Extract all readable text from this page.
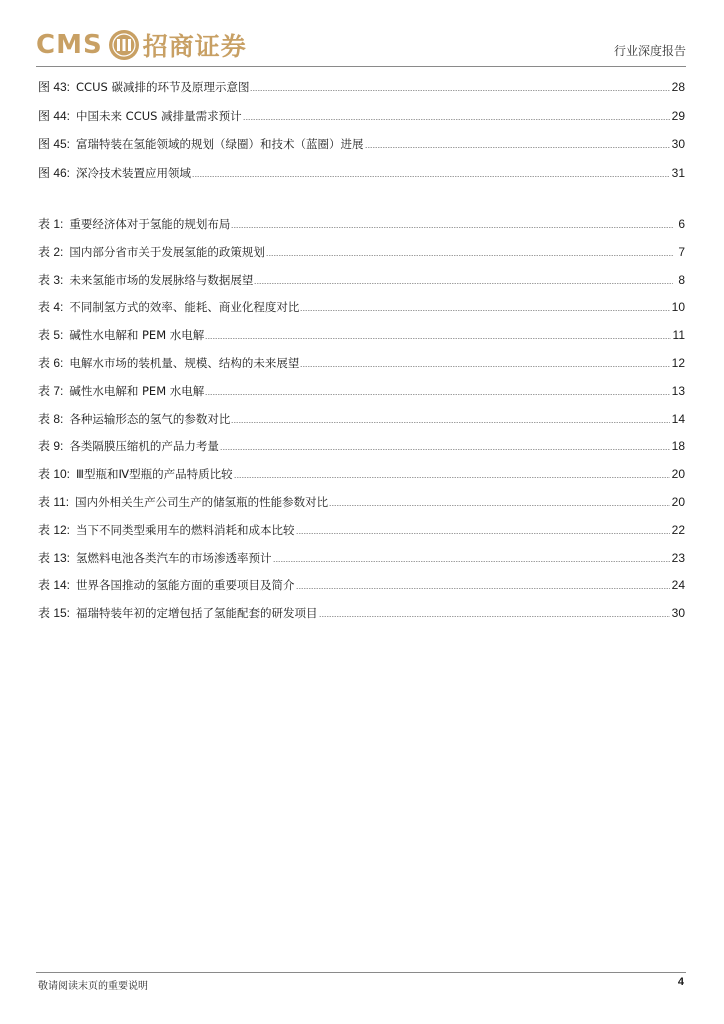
CMS 招商证券	行业深度报告
图 43: CCUS 碳减排的环节及原理示意图	28
图 44: 中国未来 CCUS 减排量需求预计	29
图 45: 富瑞特装在氢能领域的规划（绿圈）和技术（蓝圈）进展	30
图 46: 深冷技术装置应用领域	31
表 1: 重要经济体对于氢能的规划布局	6
表 2: 国内部分省市关于发展氢能的政策规划	7
表 3: 未来氢能市场的发展脉络与数据展望	8
表 4: 不同制氢方式的效率、能耗、商业化程度对比	10
表 5: 碱性水电解和 PEM 水电解	11
表 6: 电解水市场的装机量、规模、结构的未来展望	12
表 7: 碱性水电解和 PEM 水电解	13
表 8: 各种运输形态的氢气的参数对比	14
表 9: 各类隔膜压缩机的产品力考量	18
表 10: Ⅲ型瓶和Ⅳ型瓶的产品特质比较	20
表 11: 国内外相关生产公司生产的储氢瓶的性能参数对比	20
表 12: 当下不同类型乘用车的燃料消耗和成本比较	22
表 13: 氢燃料电池各类汽车的市场渗透率预计	23
表 14: 世界各国推动的氢能方面的重要项目及简介	24
表 15: 福瑞特装年初的定增包括了氢能配套的研发项目	30
敬请阅读末页的重要说明	4
